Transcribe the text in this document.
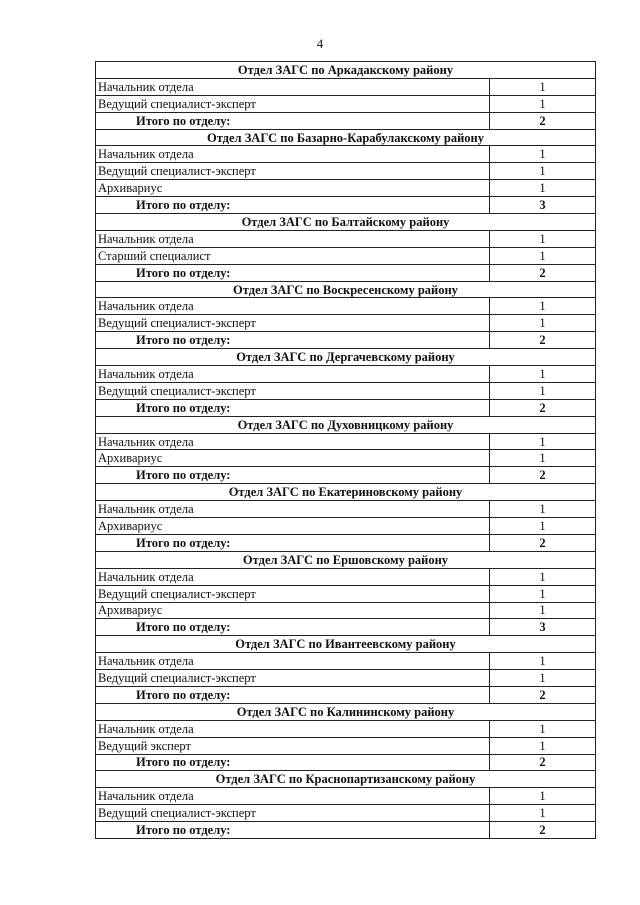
4
Отдел ЗАГС по Аркадакскому району	
Начальник отдела	1
Ведущий специалист-эксперт	1
Итого по отделу:	2
Отдел ЗАГС по Базарно-Карабулакскому району	
Начальник отдела	1
Ведущий специалист-эксперт	1
Архивариус	1
Итого по отделу:	3
Отдел ЗАГС по Балтайскому району	
Начальник отдела	1
Старший специалист	1
Итого по отделу:	2
Отдел ЗАГС по Воскресенскому району	
Начальник отдела	1
Ведущий специалист-эксперт	1
Итого по отделу:	2
Отдел ЗАГС по Дергачевскому району	
Начальник отдела	1
Ведущий специалист-эксперт	1
Итого по отделу:	2
Отдел ЗАГС по Духовницкому району	
Начальник отдела	1
Архивариус	1
Итого по отделу:	2
Отдел ЗАГС по Екатериновскому району	
Начальник отдела	1
Архивариус	1
Итого по отделу:	2
Отдел ЗАГС по Ершовскому району	
Начальник отдела	1
Ведущий специалист-эксперт	1
Архивариус	1
Итого по отделу:	3
Отдел ЗАГС по Ивантеевскому району	
Начальник отдела	1
Ведущий специалист-эксперт	1
Итого по отделу:	2
Отдел ЗАГС по Калининскому району	
Начальник отдела	1
Ведущий эксперт	1
Итого по отделу:	2
Отдел ЗАГС по Краснопартизанскому району	
Начальник отдела	1
Ведущий специалист-эксперт	1
Итого по отделу:	2
